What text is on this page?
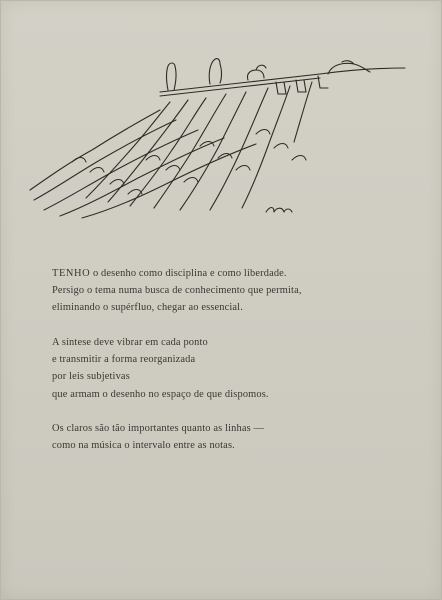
TENHO o desenho como disciplina e como liberdade.
Persigo o tema numa busca de conhecimento que permita,
eliminando o supérfluo, chegar ao essencial.
A síntese deve vibrar em cada ponto
e transmitir a forma reorganizada
por leis subjetivas
que armam o desenho no espaço de que dispomos.
Os claros são tão importantes quanto as linhas —
como na música o intervalo entre as notas.
